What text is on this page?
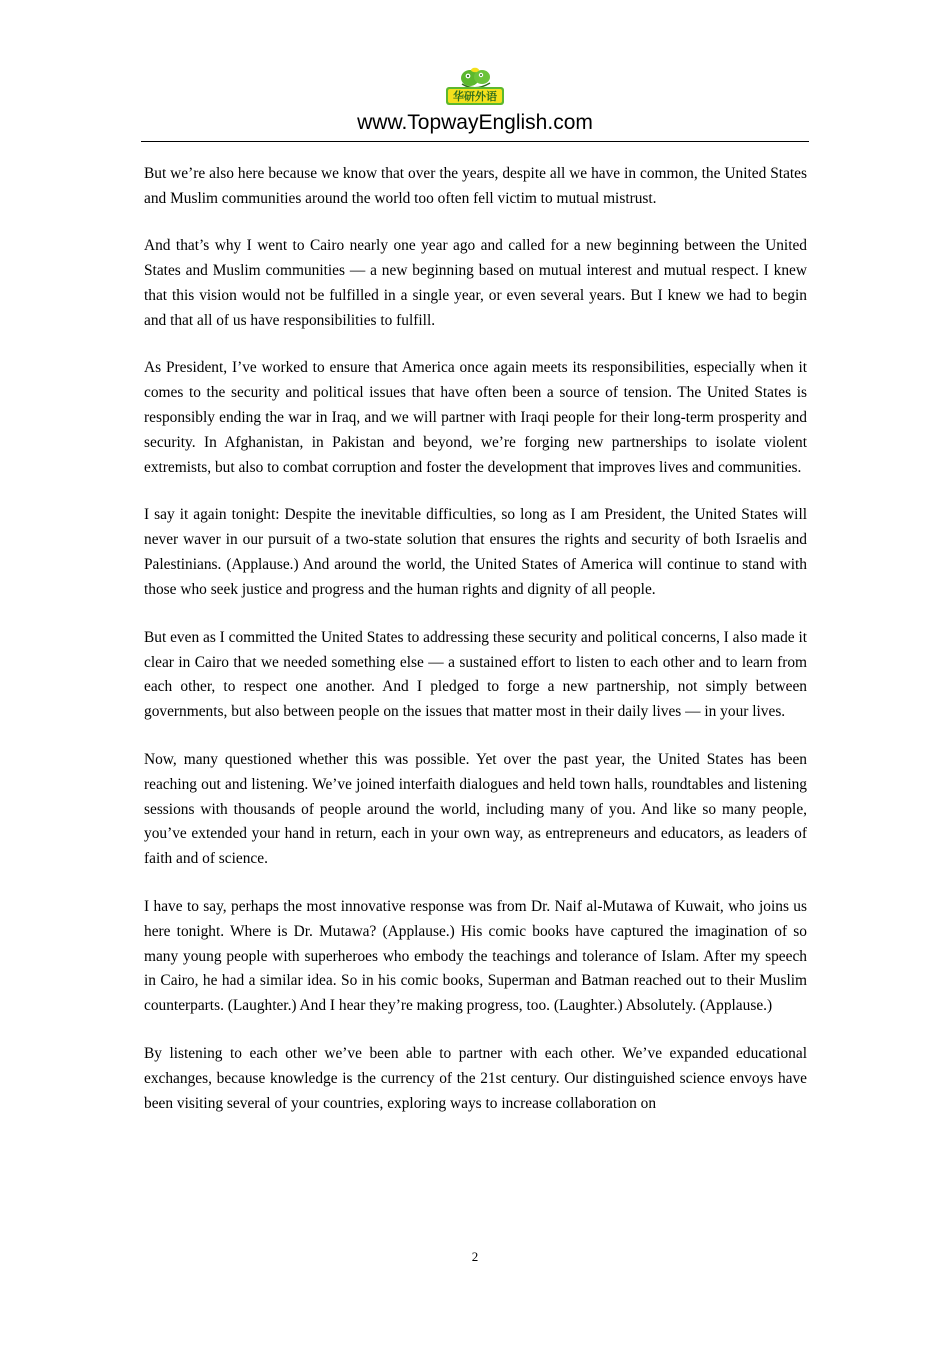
华研外语
www.TopwayEnglish.com

But we’re also here because we know that over the years, despite all we have in common, the United States and Muslim communities around the world too often fell victim to mutual mistrust.

And that’s why I went to Cairo nearly one year ago and called for a new beginning between the United States and Muslim communities — a new beginning based on mutual interest and mutual respect. I knew that this vision would not be fulfilled in a single year, or even several years. But I knew we had to begin and that all of us have responsibilities to fulfill.

As President, I’ve worked to ensure that America once again meets its responsibilities, especially when it comes to the security and political issues that have often been a source of tension. The United States is responsibly ending the war in Iraq, and we will partner with Iraqi people for their long-term prosperity and security. In Afghanistan, in Pakistan and beyond, we’re forging new partnerships to isolate violent extremists, but also to combat corruption and foster the development that improves lives and communities.

I say it again tonight: Despite the inevitable difficulties, so long as I am President, the United States will never waver in our pursuit of a two-state solution that ensures the rights and security of both Israelis and Palestinians. (Applause.) And around the world, the United States of America will continue to stand with those who seek justice and progress and the human rights and dignity of all people.

But even as I committed the United States to addressing these security and political concerns, I also made it clear in Cairo that we needed something else — a sustained effort to listen to each other and to learn from each other, to respect one another. And I pledged to forge a new partnership, not simply between governments, but also between people on the issues that matter most in their daily lives — in your lives.

Now, many questioned whether this was possible. Yet over the past year, the United States has been reaching out and listening. We’ve joined interfaith dialogues and held town halls, roundtables and listening sessions with thousands of people around the world, including many of you. And like so many people, you’ve extended your hand in return, each in your own way, as entrepreneurs and educators, as leaders of faith and of science.

I have to say, perhaps the most innovative response was from Dr. Naif al-Mutawa of Kuwait, who joins us here tonight. Where is Dr. Mutawa? (Applause.) His comic books have captured the imagination of so many young people with superheroes who embody the teachings and tolerance of Islam. After my speech in Cairo, he had a similar idea. So in his comic books, Superman and Batman reached out to their Muslim counterparts. (Laughter.) And I hear they’re making progress, too. (Laughter.) Absolutely. (Applause.)

By listening to each other we’ve been able to partner with each other. We’ve expanded educational exchanges, because knowledge is the currency of the 21st century. Our distinguished science envoys have been visiting several of your countries, exploring ways to increase collaboration on

2
